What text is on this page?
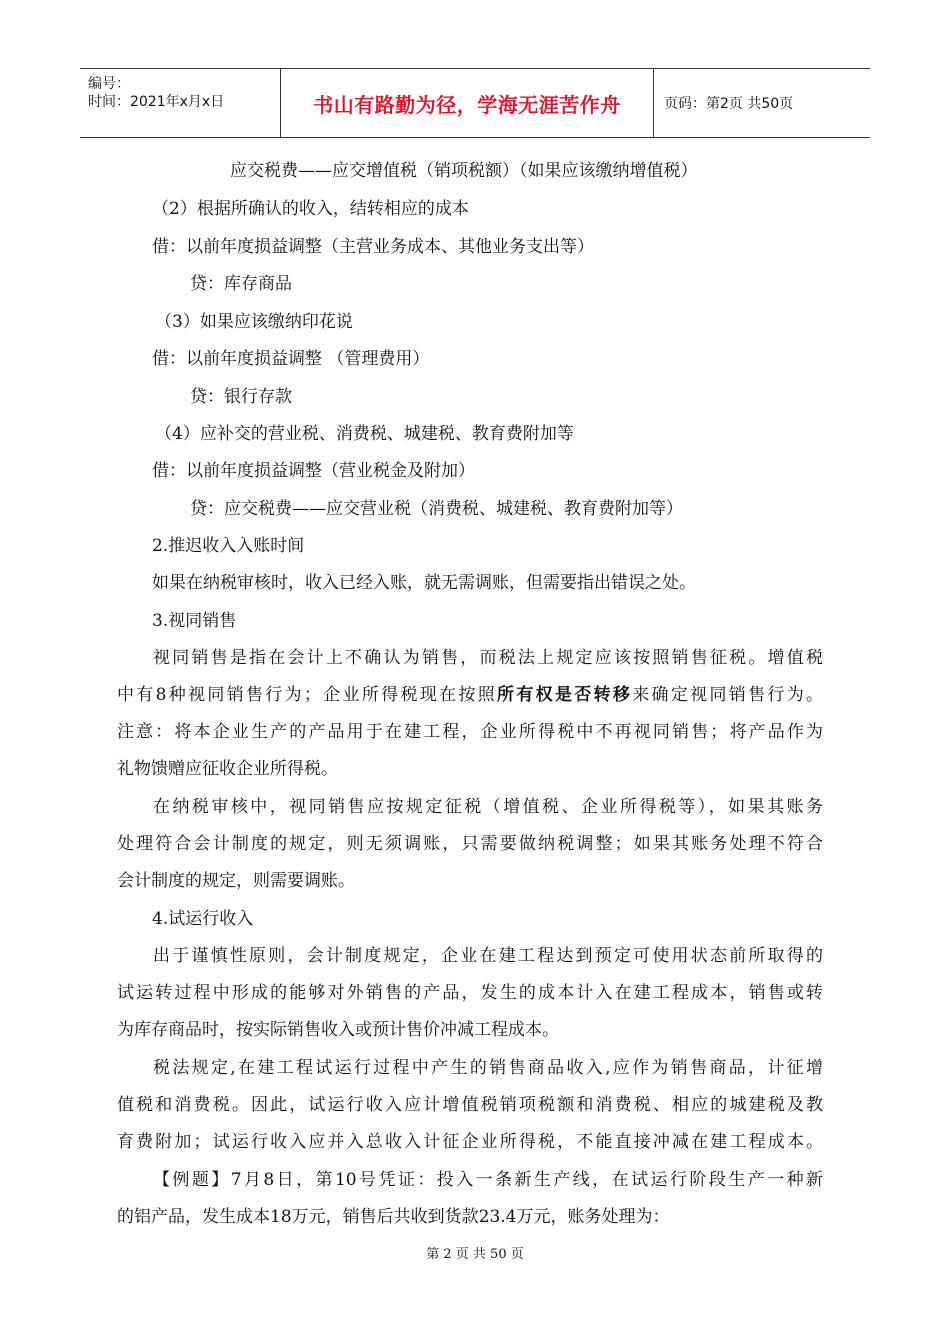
编号：
时间：2021年x月x日	书山有路勤为径，学海无涯苦作舟	页码：第2页 共50页
应交税费——应交增值税（销项税额）（如果应该缴纳增值税）
（2）根据所确认的收入，结转相应的成本
借：以前年度损益调整（主营业务成本、其他业务支出等）
贷：库存商品
（3）如果应该缴纳印花说
借：以前年度损益调整 （管理费用）
贷：银行存款
（4）应补交的营业税、消费税、城建税、教育费附加等
借：以前年度损益调整（营业税金及附加）
贷：应交税费——应交营业税（消费税、城建税、教育费附加等）
2.推迟收入入账时间
如果在纳税审核时，收入已经入账，就无需调账，但需要指出错误之处。
3.视同销售
视同销售是指在会计上不确认为销售，而税法上规定应该按照销售征税。增值税
中有8种视同销售行为；企业所得税现在按照所有权是否转移来确定视同销售行为。
注意：将本企业生产的产品用于在建工程，企业所得税中不再视同销售；将产品作为
礼物馈赠应征收企业所得税。
在纳税审核中，视同销售应按规定征税（增值税、企业所得税等），如果其账务
处理符合会计制度的规定，则无须调账，只需要做纳税调整；如果其账务处理不符合
会计制度的规定，则需要调账。
4.试运行收入
出于谨慎性原则，会计制度规定，企业在建工程达到预定可使用状态前所取得的
试运转过程中形成的能够对外销售的产品，发生的成本计入在建工程成本，销售或转
为库存商品时，按实际销售收入或预计售价冲减工程成本。
税法规定,在建工程试运行过程中产生的销售商品收入,应作为销售商品，计征增
值税和消费税。因此，试运行收入应计增值税销项税额和消费税、相应的城建税及教
育费附加；试运行收入应并入总收入计征企业所得税，不能直接冲减在建工程成本。
【例题】7月8日，第10号凭证：投入一条新生产线，在试运行阶段生产一种新
的铝产品，发生成本18万元，销售后共收到货款23.4万元，账务处理为：
第 2 页 共 50 页
